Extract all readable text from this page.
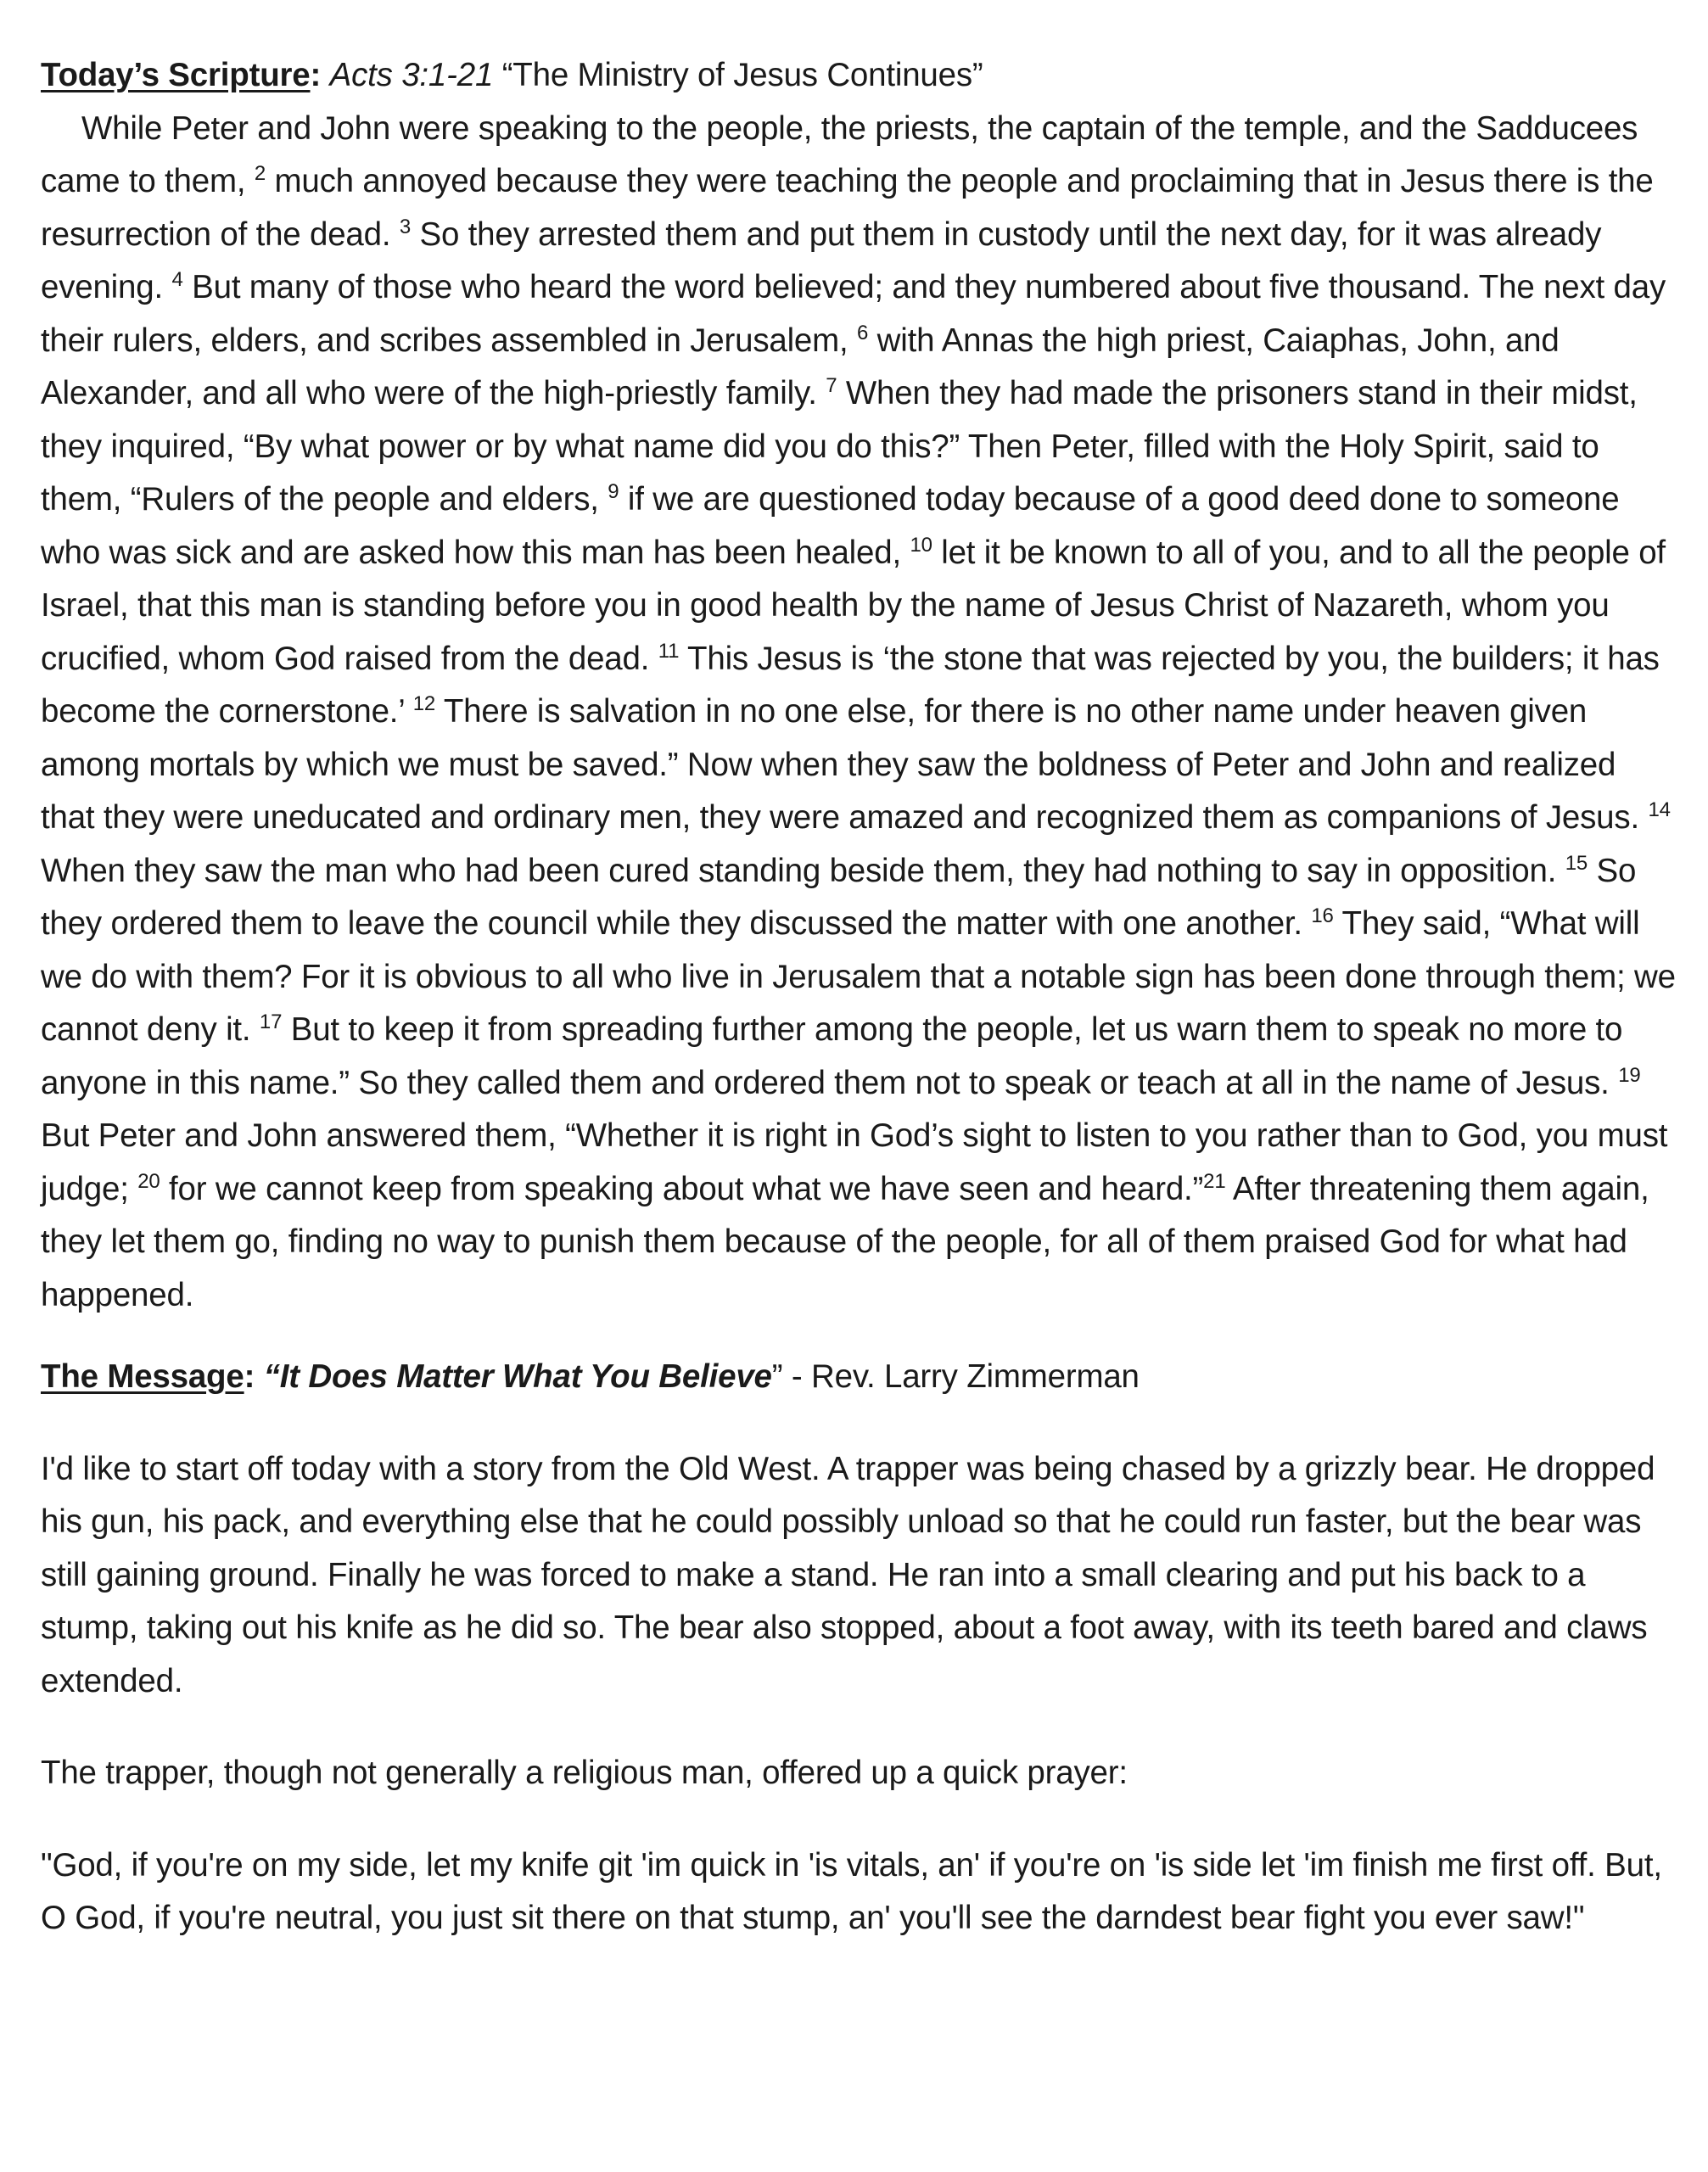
Today’s Scripture: Acts 3:1-21 “The Ministry of Jesus Continues”

While Peter and John were speaking to the people, the priests, the captain of the temple, and the Sadducees came to them, $^2$ much annoyed because they were teaching the people and proclaiming that in Jesus there is the resurrection of the dead. $^3$ So they arrested them and put them in custody until the next day, for it was already evening. $^4$ But many of those who heard the word believed; and they numbered about five thousand. The next day their rulers, elders, and scribes assembled in Jerusalem, $^6$ with Annas the high priest, Caiaphas, John, and Alexander, and all who were of the high-priestly family. $^7$ When they had made the prisoners stand in their midst, they inquired, “By what power or by what name did you do this?” Then Peter, filled with the Holy Spirit, said to them, “Rulers of the people and elders, $^9$ if we are questioned today because of a good deed done to someone who was sick and are asked how this man has been healed, $^{10}$ let it be known to all of you, and to all the people of Israel, that this man is standing before you in good health by the name of Jesus Christ of Nazareth, whom you crucified, whom God raised from the dead. $^{11}$ This Jesus is ‘the stone that was rejected by you, the builders; it has become the cornerstone.’ $^{12}$ There is salvation in no one else, for there is no other name under heaven given among mortals by which we must be saved.” Now when they saw the boldness of Peter and John and realized that they were uneducated and ordinary men, they were amazed and recognized them as companions of Jesus. $^{14}$ When they saw the man who had been cured standing beside them, they had nothing to say in opposition. $^{15}$ So they ordered them to leave the council while they discussed the matter with one another. $^{16}$ They said, “What will we do with them? For it is obvious to all who live in Jerusalem that a notable sign has been done through them; we cannot deny it. $^{17}$ But to keep it from spreading further among the people, let us warn them to speak no more to anyone in this name.” So they called them and ordered them not to speak or teach at all in the name of Jesus. $^{19}$ But Peter and John answered them, “Whether it is right in God’s sight to listen to you rather than to God, you must judge; $^{20}$ for we cannot keep from speaking about what we have seen and heard.”$^{21}$ After threatening them again, they let them go, finding no way to punish them because of the people, for all of them praised God for what had happened.

The Message: “It Does Matter What You Believe” - Rev. Larry Zimmerman

I'd like to start off today with a story from the Old West. A trapper was being chased by a grizzly bear. He dropped his gun, his pack, and everything else that he could possibly unload so that he could run faster, but the bear was still gaining ground. Finally he was forced to make a stand. He ran into a small clearing and put his back to a stump, taking out his knife as he did so. The bear also stopped, about a foot away, with its teeth bared and claws extended.

The trapper, though not generally a religious man, offered up a quick prayer:

"God, if you're on my side, let my knife git 'im quick in 'is vitals, an' if you're on 'is side let 'im finish me first off. But, O God, if you're neutral, you just sit there on that stump, an' you'll see the darndest bear fight you ever saw!"
